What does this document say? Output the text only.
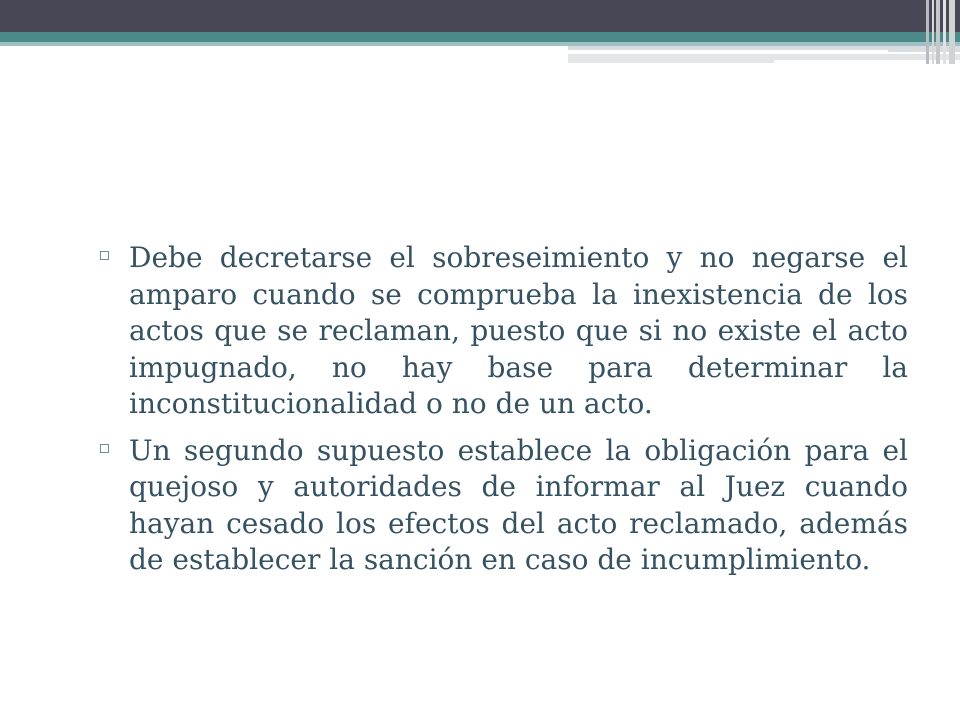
Debe decretarse el sobreseimiento y no negarse el amparo cuando se comprueba la inexistencia de los actos que se reclaman, puesto que si no existe el acto impugnado, no hay base para determinar la inconstitucionalidad o no de un acto.
Un segundo supuesto establece la obligación para el quejoso y autoridades de informar al Juez cuando hayan cesado los efectos del acto reclamado, además de establecer la sanción en caso de incumplimiento.
